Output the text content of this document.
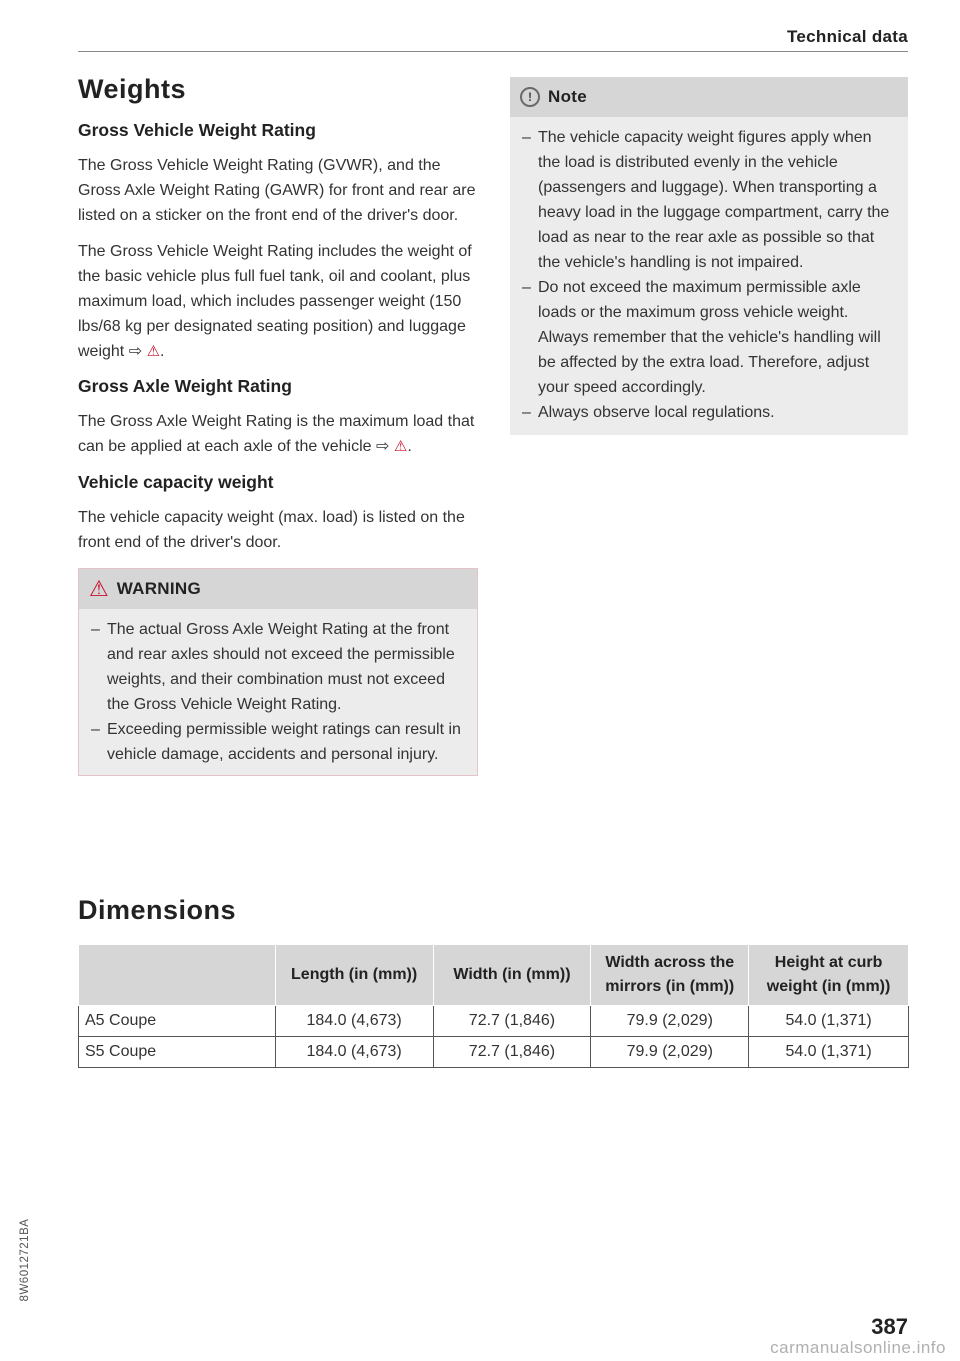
Technical data
Weights
Gross Vehicle Weight Rating

The Gross Vehicle Weight Rating (GVWR), and the Gross Axle Weight Rating (GAWR) for front and rear are listed on a sticker on the front end of the driver's door.

The Gross Vehicle Weight Rating includes the weight of the basic vehicle plus full fuel tank, oil and coolant, plus maximum load, which includes passenger weight (150 lbs/68 kg per designated seating position) and luggage weight ⇨ ⚠.

Gross Axle Weight Rating

The Gross Axle Weight Rating is the maximum load that can be applied at each axle of the vehicle ⇨ ⚠.

Vehicle capacity weight

The vehicle capacity weight (max. load) is listed on the front end of the driver's door.

⚠ WARNING
– The actual Gross Axle Weight Rating at the front and rear axles should not exceed the permissible weights, and their combination must not exceed the Gross Vehicle Weight Rating.
– Exceeding permissible weight ratings can result in vehicle damage, accidents and personal injury.
! Note
– The vehicle capacity weight figures apply when the load is distributed evenly in the vehicle (passengers and luggage). When transporting a heavy load in the luggage compartment, carry the load as near to the rear axle as possible so that the vehicle's handling is not impaired.
– Do not exceed the maximum permissible axle loads or the maximum gross vehicle weight. Always remember that the vehicle's handling will be affected by the extra load. Therefore, adjust your speed accordingly.
– Always observe local regulations.
Dimensions
	Length (in (mm))	Width (in (mm))	Width across the mirrors (in (mm))	Height at curb weight (in (mm))
A5 Coupe	184.0 (4,673)	72.7 (1,846)	79.9 (2,029)	54.0 (1,371)
S5 Coupe	184.0 (4,673)	72.7 (1,846)	79.9 (2,029)	54.0 (1,371)
8W6012721BA
387
carmanualsonline.info
